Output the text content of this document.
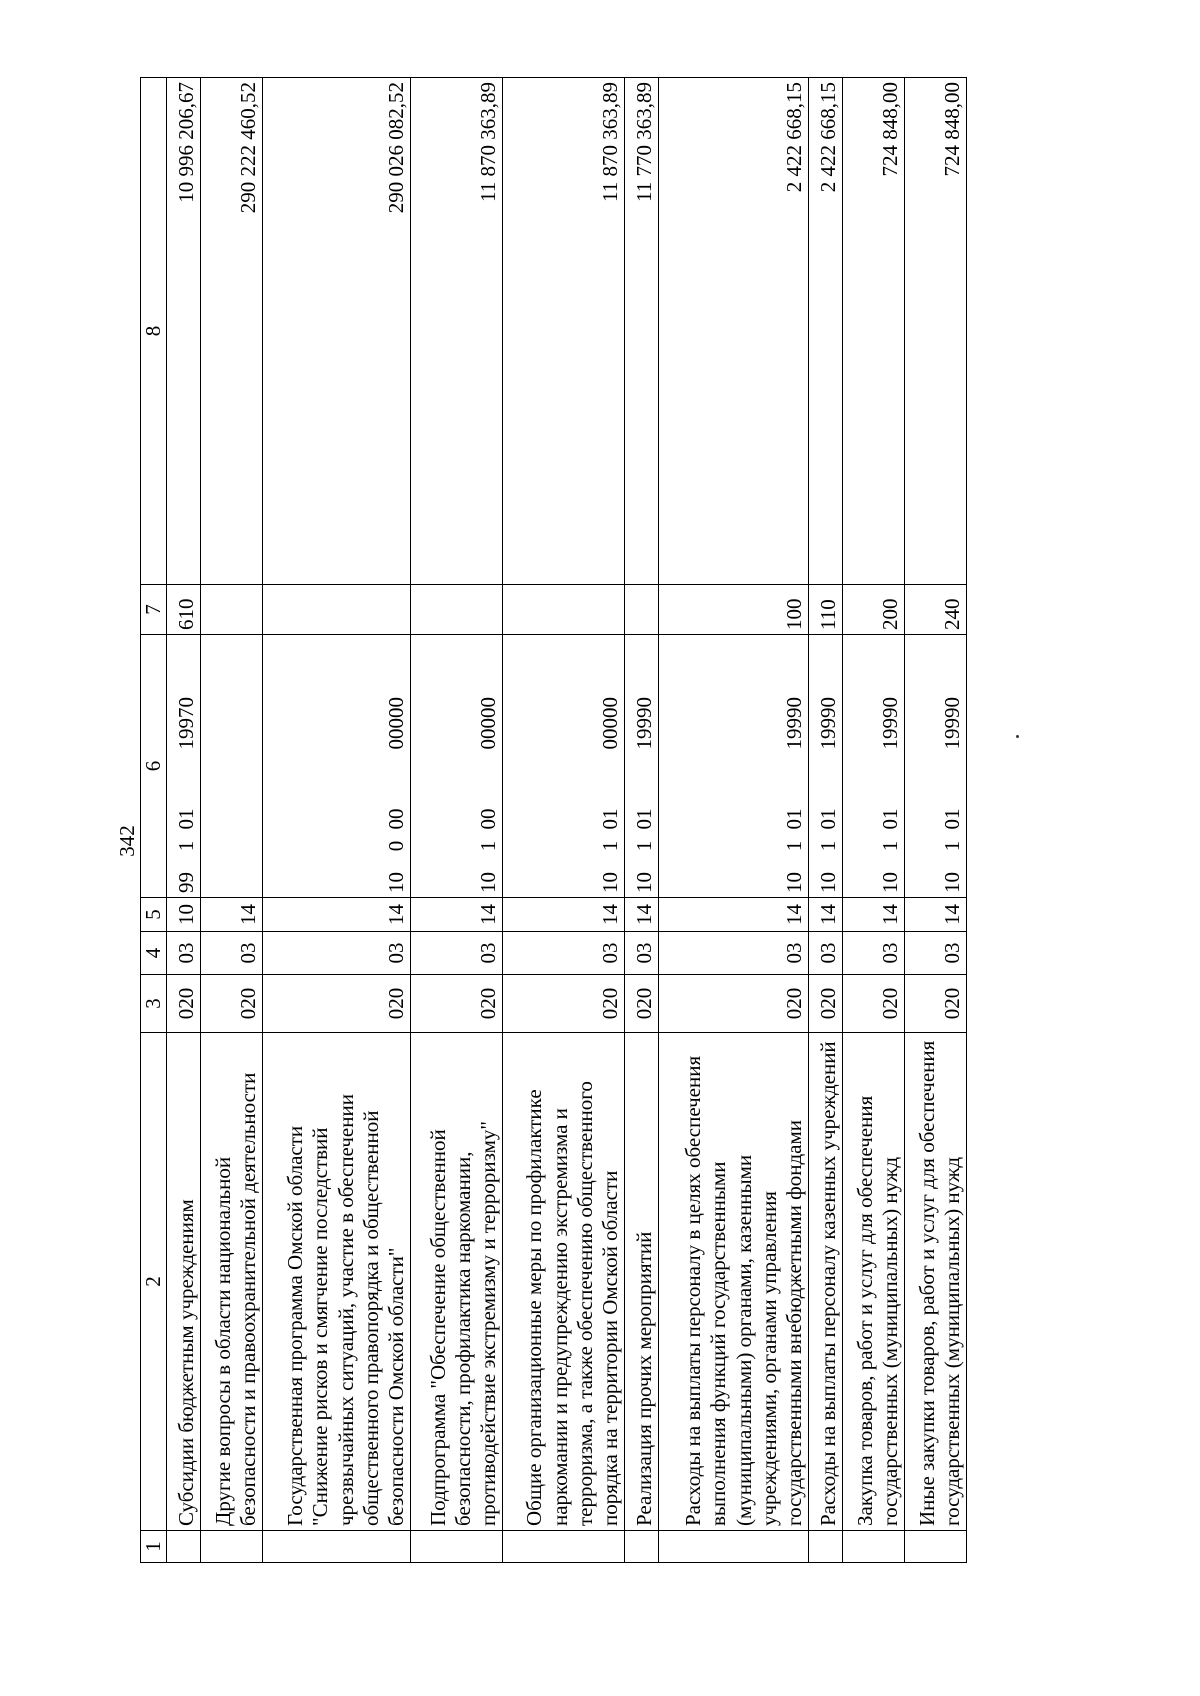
342
1	2	3	4	5	6	7	8
	Субсидии бюджетным учреждениям	020	03	10	9910119970	610	10 996 206,67
	Другие вопросы в области национальной безопасности и правоохранительной деятельности	020	03	14			290 222 460,52
	Государственная программа Омской области "Снижение рисков и смягчение последствий чрезвычайных ситуаций, участие в обеспечении общественного правопорядка и общественной безопасности Омской области"	020	03	14	1000000000		290 026 082,52
	Подпрограмма "Обеспечение общественной безопасности, профилактика наркомании, противодействие экстремизму и терроризму"	020	03	14	1010000000		11 870 363,89
	Общие организационные меры по профилактике наркомании и предупреждению экстремизма и терроризма, а также обеспечению общественного порядка на территории Омской области	020	03	14	1010100000		11 870 363,89
	Реализация прочих мероприятий	020	03	14	1010119990		11 770 363,89
	Расходы на выплаты персоналу в целях обеспечения выполнения функций государственными (муниципальными) органами, казенными учреждениями, органами управления государственными внебюджетными фондами	020	03	14	1010119990	100	2 422 668,15
	Расходы на выплаты персоналу казенных учреждений	020	03	14	1010119990	110	2 422 668,15
	Закупка товаров, работ и услуг для обеспечения государственных (муниципальных) нужд	020	03	14	1010119990	200	724 848,00
	Иные закупки товаров, работ и услуг для обеспечения государственных (муниципальных) нужд	020	03	14	1010119990	240	724 848,00
